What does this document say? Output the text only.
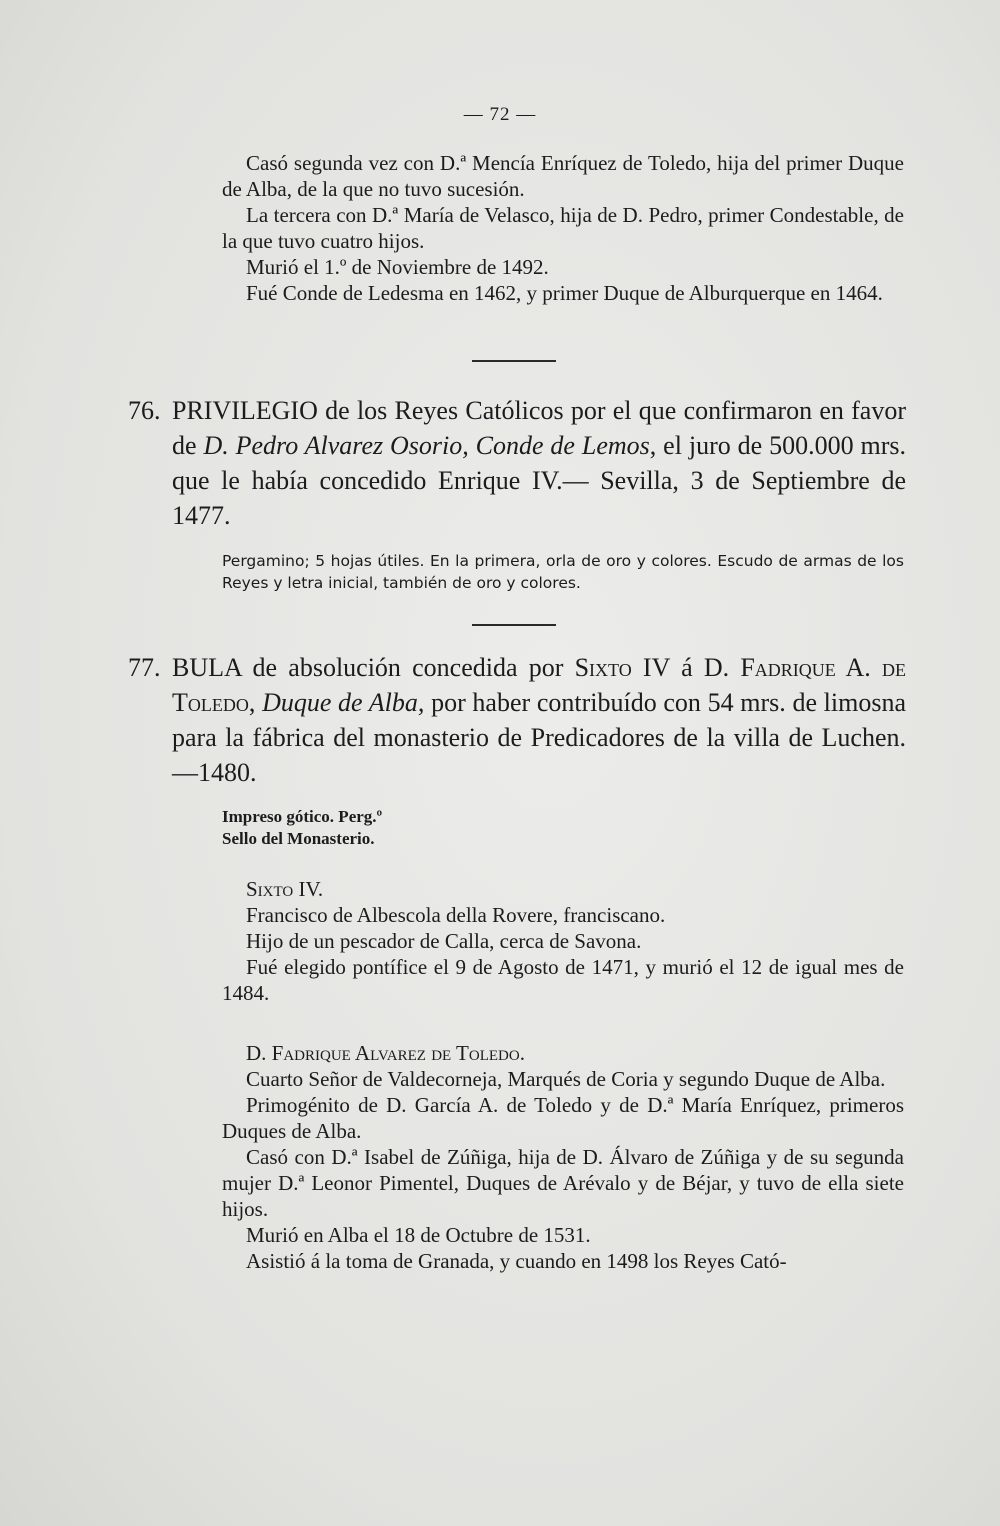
— 72 —

Casó segunda vez con D.ª Mencía Enríquez de Toledo, hija del primer Duque de Alba, de la que no tuvo sucesión.

La tercera con D.ª María de Velasco, hija de D. Pedro, primer Condestable, de la que tuvo cuatro hijos.

Murió el 1.º de Noviembre de 1492.

Fué Conde de Ledesma en 1462, y primer Duque de Alburquerque en 1464.

76. PRIVILEGIO de los Reyes Católicos por el que confirmaron en favor de D. Pedro Alvarez Osorio, Conde de Lemos, el juro de 500.000 mrs. que le había concedido Enrique IV.— Sevilla, 3 de Septiembre de 1477.
Pergamino; 5 hojas útiles. En la primera, orla de oro y colores. Escudo de armas de los Reyes y letra inicial, también de oro y colores.
77. BULA de absolución concedida por Sixto IV á D. Fadrique A. de Toledo, Duque de Alba, por haber contribuído con 54 mrs. de limosna para la fábrica del monasterio de Predicadores de la villa de Luchen.—1480.
Impreso gótico. Perg.º
Sello del Monasterio.

Sixto IV.

Francisco de Albescola della Rovere, franciscano.

Hijo de un pescador de Calla, cerca de Savona.

Fué elegido pontífice el 9 de Agosto de 1471, y murió el 12 de igual mes de 1484.

D. Fadrique Alvarez de Toledo.

Cuarto Señor de Valdecorneja, Marqués de Coria y segundo Duque de Alba.

Primogénito de D. García A. de Toledo y de D.ª María Enríquez, primeros Duques de Alba.

Casó con D.ª Isabel de Zúñiga, hija de D. Álvaro de Zúñiga y de su segunda mujer D.ª Leonor Pimentel, Duques de Arévalo y de Béjar, y tuvo de ella siete hijos.

Murió en Alba el 18 de Octubre de 1531.

Asistió á la toma de Granada, y cuando en 1498 los Reyes Cató-
